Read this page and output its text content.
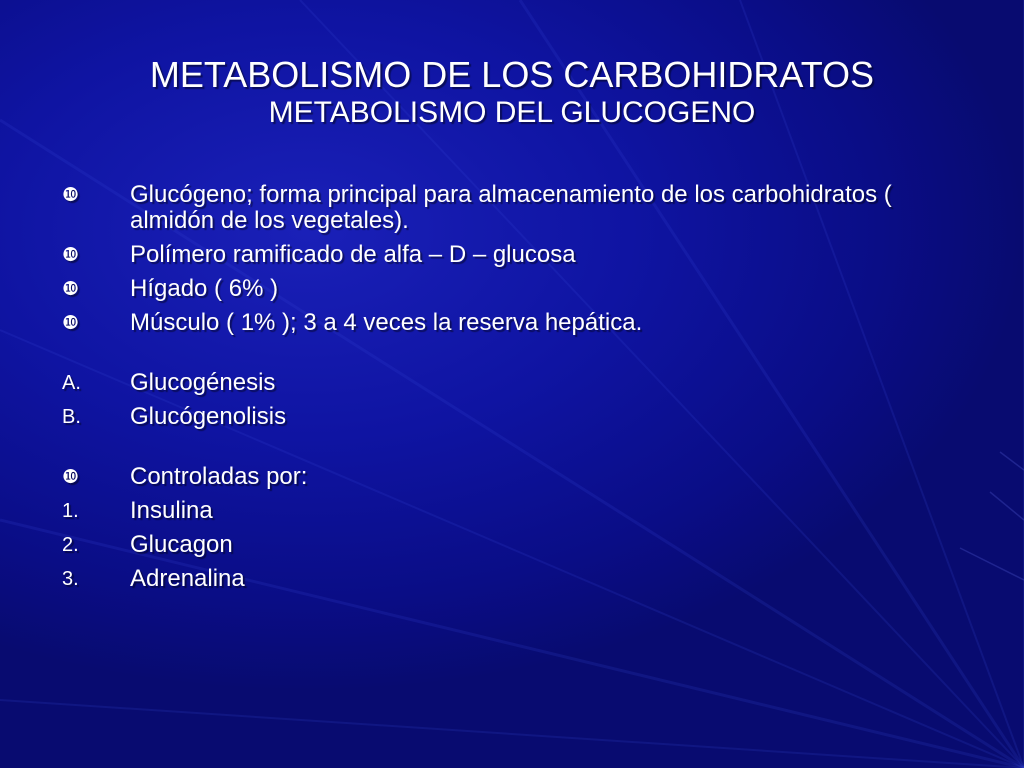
METABOLISMO DE LOS CARBOHIDRATOS
METABOLISMO DEL GLUCOGENO
❿	Glucógeno; forma principal para almacenamiento de los carbohidratos ( almidón de los vegetales).
❿	Polímero ramificado de alfa – D – glucosa
❿	Hígado ( 6% )
❿	Músculo ( 1% ); 3 a 4 veces la reserva hepática.
A.	Glucogénesis
B.	Glucógenolisis
❿	Controladas por:
1.	Insulina
2.	Glucagon
3.	Adrenalina
